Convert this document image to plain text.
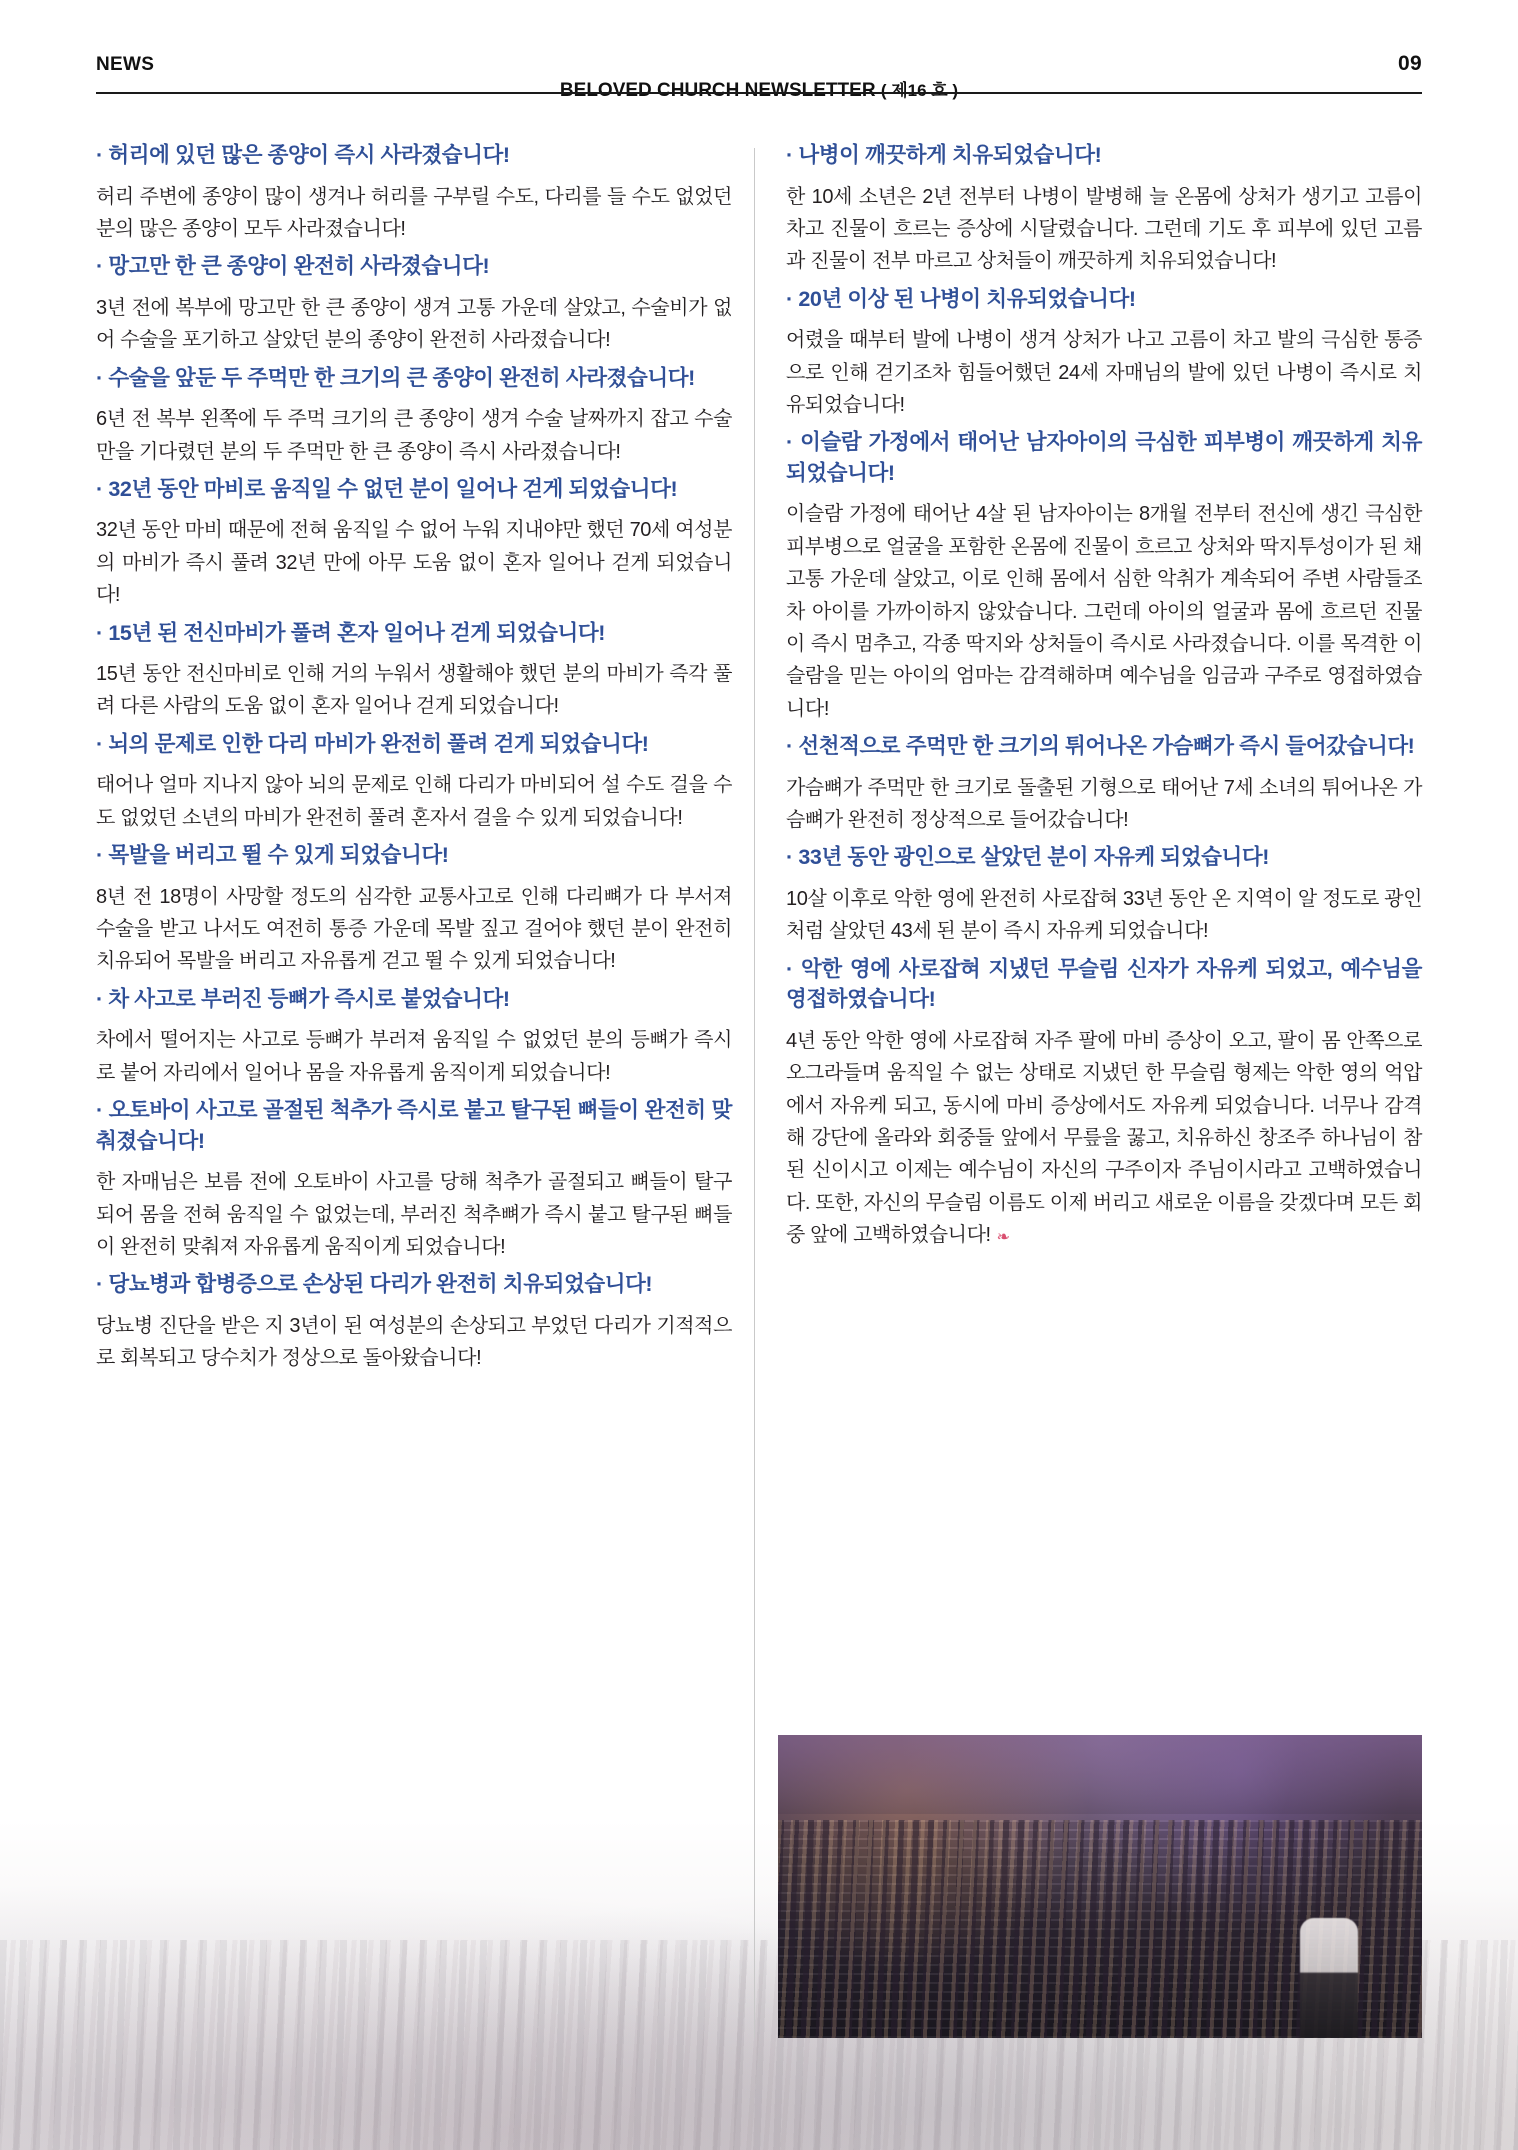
NEWS	09
BELOVED CHURCH NEWSLETTER ( 제16 호 )
· 허리에 있던 많은 종양이 즉시 사라졌습니다!

허리 주변에 종양이 많이 생겨나 허리를 구부릴 수도, 다리를 들 수도 없었던 분의 많은 종양이 모두 사라졌습니다!

· 망고만 한 큰 종양이 완전히 사라졌습니다!

3년 전에 복부에 망고만 한 큰 종양이 생겨 고통 가운데 살았고, 수술비가 없어 수술을 포기하고 살았던 분의 종양이 완전히 사라졌습니다!

· 수술을 앞둔 두 주먹만 한 크기의 큰 종양이 완전히 사라졌습니다!

6년 전 복부 왼쪽에 두 주먹 크기의 큰 종양이 생겨 수술 날짜까지 잡고 수술만을 기다렸던 분의 두 주먹만 한 큰 종양이 즉시 사라졌습니다!

· 32년 동안 마비로 움직일 수 없던 분이 일어나 걷게 되었습니다!

32년 동안 마비 때문에 전혀 움직일 수 없어 누워 지내야만 했던 70세 여성분의 마비가 즉시 풀려 32년 만에 아무 도움 없이 혼자 일어나 걷게 되었습니다!

· 15년 된 전신마비가 풀려 혼자 일어나 걷게 되었습니다!

15년 동안 전신마비로 인해 거의 누워서 생활해야 했던 분의 마비가 즉각 풀려 다른 사람의 도움 없이 혼자 일어나 걷게 되었습니다!

· 뇌의 문제로 인한 다리 마비가 완전히 풀려 걷게 되었습니다!

태어나 얼마 지나지 않아 뇌의 문제로 인해 다리가 마비되어 설 수도 걸을 수도 없었던 소년의 마비가 완전히 풀려 혼자서 걸을 수 있게 되었습니다!

· 목발을 버리고 뛸 수 있게 되었습니다!

8년 전 18명이 사망할 정도의 심각한 교통사고로 인해 다리뼈가 다 부서져 수술을 받고 나서도 여전히 통증 가운데 목발 짚고 걸어야 했던 분이 완전히 치유되어 목발을 버리고 자유롭게 걷고 뛸 수 있게 되었습니다!

· 차 사고로 부러진 등뼈가 즉시로 붙었습니다!

차에서 떨어지는 사고로 등뼈가 부러져 움직일 수 없었던 분의 등뼈가 즉시로 붙어 자리에서 일어나 몸을 자유롭게 움직이게 되었습니다!

· 오토바이 사고로 골절된 척추가 즉시로 붙고 탈구된 뼈들이 완전히 맞춰졌습니다!

한 자매님은 보름 전에 오토바이 사고를 당해 척추가 골절되고 뼈들이 탈구되어 몸을 전혀 움직일 수 없었는데, 부러진 척추뼈가 즉시 붙고 탈구된 뼈들이 완전히 맞춰져 자유롭게 움직이게 되었습니다!

· 당뇨병과 합병증으로 손상된 다리가 완전히 치유되었습니다!

당뇨병 진단을 받은 지 3년이 된 여성분의 손상되고 부었던 다리가 기적적으로 회복되고 당수치가 정상으로 돌아왔습니다!

· 나병이 깨끗하게 치유되었습니다!

한 10세 소년은 2년 전부터 나병이 발병해 늘 온몸에 상처가 생기고 고름이 차고 진물이 흐르는 증상에 시달렸습니다. 그런데 기도 후 피부에 있던 고름과 진물이 전부 마르고 상처들이 깨끗하게 치유되었습니다!

· 20년 이상 된 나병이 치유되었습니다!

어렸을 때부터 발에 나병이 생겨 상처가 나고 고름이 차고 발의 극심한 통증으로 인해 걷기조차 힘들어했던 24세 자매님의 발에 있던 나병이 즉시로 치유되었습니다!

· 이슬람 가정에서 태어난 남자아이의 극심한 피부병이 깨끗하게 치유되었습니다!

이슬람 가정에 태어난 4살 된 남자아이는 8개월 전부터 전신에 생긴 극심한 피부병으로 얼굴을 포함한 온몸에 진물이 흐르고 상처와 딱지투성이가 된 채 고통 가운데 살았고, 이로 인해 몸에서 심한 악취가 계속되어 주변 사람들조차 아이를 가까이하지 않았습니다. 그런데 아이의 얼굴과 몸에 흐르던 진물이 즉시 멈추고, 각종 딱지와 상처들이 즉시로 사라졌습니다. 이를 목격한 이슬람을 믿는 아이의 엄마는 감격해하며 예수님을 임금과 구주로 영접하였습니다!

· 선천적으로 주먹만 한 크기의 튀어나온 가슴뼈가 즉시 들어갔습니다!

가슴뼈가 주먹만 한 크기로 돌출된 기형으로 태어난 7세 소녀의 튀어나온 가슴뼈가 완전히 정상적으로 들어갔습니다!

· 33년 동안 광인으로 살았던 분이 자유케 되었습니다!

10살 이후로 악한 영에 완전히 사로잡혀 33년 동안 온 지역이 알 정도로 광인처럼 살았던 43세 된 분이 즉시 자유케 되었습니다!

· 악한 영에 사로잡혀 지냈던 무슬림 신자가 자유케 되었고, 예수님을 영접하였습니다!

4년 동안 악한 영에 사로잡혀 자주 팔에 마비 증상이 오고, 팔이 몸 안쪽으로 오그라들며 움직일 수 없는 상태로 지냈던 한 무슬림 형제는 악한 영의 억압에서 자유케 되고, 동시에 마비 증상에서도 자유케 되었습니다. 너무나 감격해 강단에 올라와 회중들 앞에서 무릎을 꿇고, 치유하신 창조주 하나님이 참된 신이시고 이제는 예수님이 자신의 구주이자 주님이시라고 고백하였습니다. 또한, 자신의 무슬림 이름도 이제 버리고 새로운 이름을 갖겠다며 모든 회중 앞에 고백하였습니다! ❧
